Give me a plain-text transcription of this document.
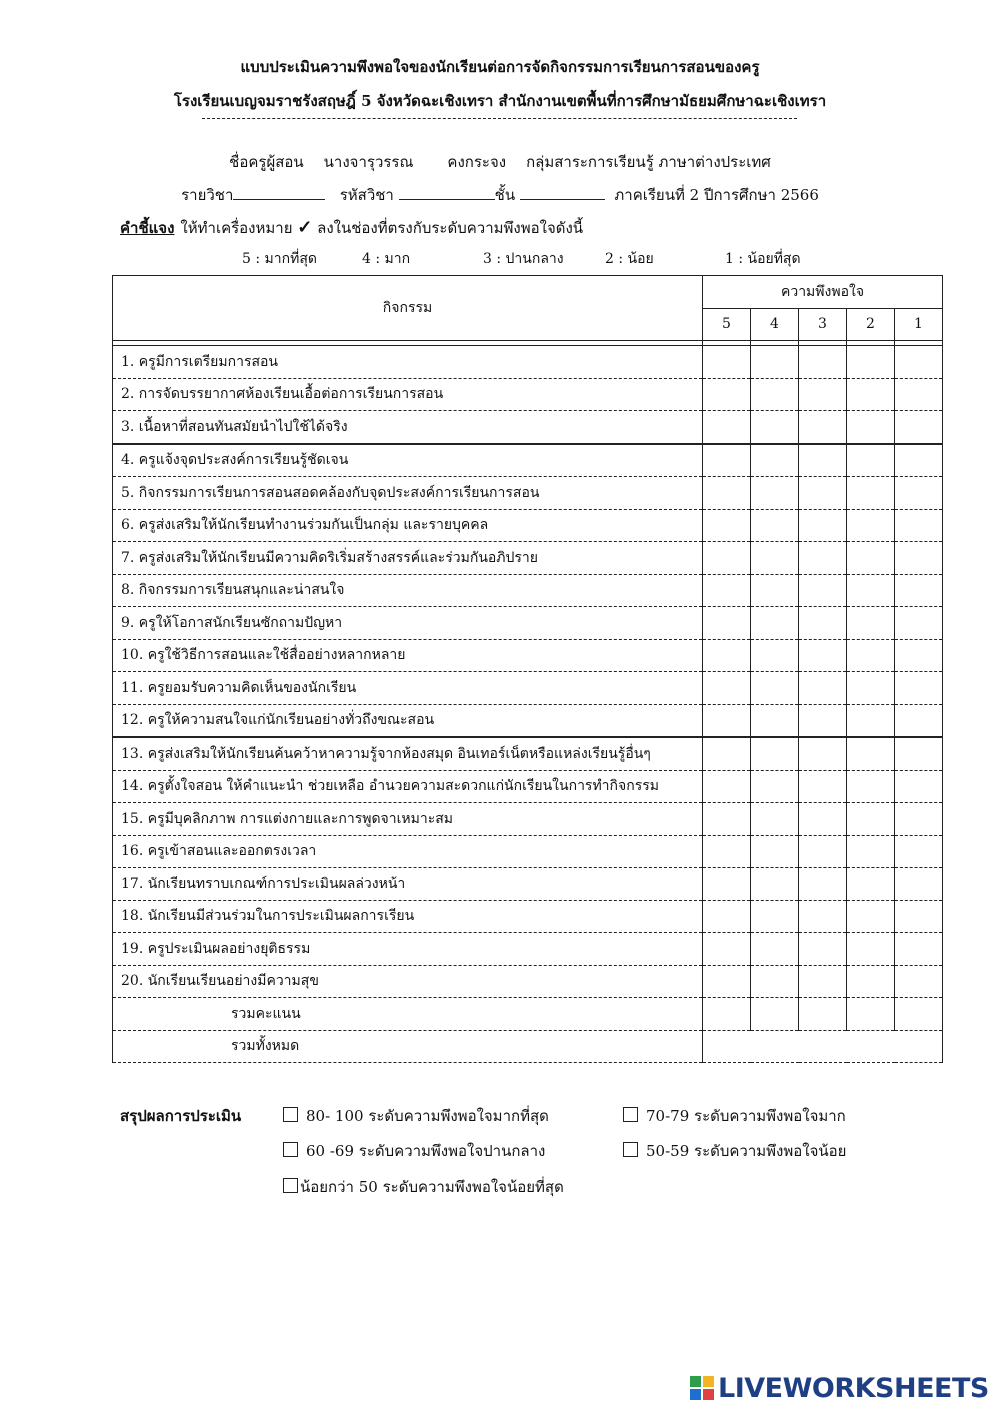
แบบประเมินความพึงพอใจของนักเรียนต่อการจัดกิจกรรมการเรียนการสอนของครู
โรงเรียนเบญจมราชรังสฤษฎิ์ 5 จังหวัดฉะเชิงเทรา สำนักงานเขตพื้นที่การศึกษามัธยมศึกษาฉะเชิงเทรา
ชื่อครูผู้สอน นางจารุวรรณ คงกระจง กลุ่มสาระการเรียนรู้ ภาษาต่างประเทศ
รายวิชา	รหัสวิชา	ชั้น	ภาคเรียนที่ 2 ปีการศึกษา 2566
คำชี้แจง ให้ทำเครื่องหมาย ✓ ลงในช่องที่ตรงกับระดับความพึงพอใจดังนี้
5 : มากที่สุด	4 : มาก	3 : ปานกลาง	2 : น้อย	1 : น้อยที่สุด
กิจกรรม	ความพึงพอใจ				
	5	4	3	2	1

1. ครูมีการเตรียมการสอน					
2. การจัดบรรยากาศห้องเรียนเอื้อต่อการเรียนการสอน					
3. เนื้อหาที่สอนทันสมัยนำไปใช้ได้จริง					
4. ครูแจ้งจุดประสงค์การเรียนรู้ชัดเจน					
5. กิจกรรมการเรียนการสอนสอดคล้องกับจุดประสงค์การเรียนการสอน					
6. ครูส่งเสริมให้นักเรียนทำงานร่วมกันเป็นกลุ่ม และรายบุคคล					
7. ครูส่งเสริมให้นักเรียนมีความคิดริเริ่มสร้างสรรค์และร่วมกันอภิปราย					
8. กิจกรรมการเรียนสนุกและน่าสนใจ					
9. ครูให้โอกาสนักเรียนซักถามปัญหา					
10. ครูใช้วิธีการสอนและใช้สื่ออย่างหลากหลาย					
11. ครูยอมรับความคิดเห็นของนักเรียน					
12. ครูให้ความสนใจแก่นักเรียนอย่างทั่วถึงขณะสอน					
13. ครูส่งเสริมให้นักเรียนค้นคว้าหาความรู้จากห้องสมุด อินเทอร์เน็ตหรือแหล่งเรียนรู้อื่นๆ					
14. ครูตั้งใจสอน ให้คำแนะนำ ช่วยเหลือ อำนวยความสะดวกแก่นักเรียนในการทำกิจกรรม					
15. ครูมีบุคลิกภาพ การแต่งกายและการพูดจาเหมาะสม					
16. ครูเข้าสอนและออกตรงเวลา					
17. นักเรียนทราบเกณฑ์การประเมินผลล่วงหน้า					
18. นักเรียนมีส่วนร่วมในการประเมินผลการเรียน					
19. ครูประเมินผลอย่างยุติธรรม					
20. นักเรียนเรียนอย่างมีความสุข					
รวมคะแนน					
รวมทั้งหมด					
สรุปผลการประเมิน	80- 100 ระดับความพึงพอใจมากที่สุด	70-79 ระดับความพึงพอใจมาก
60 -69 ระดับความพึงพอใจปานกลาง	50-59 ระดับความพึงพอใจน้อย
น้อยกว่า 50 ระดับความพึงพอใจน้อยที่สุด
LIVEWORKSHEETS
